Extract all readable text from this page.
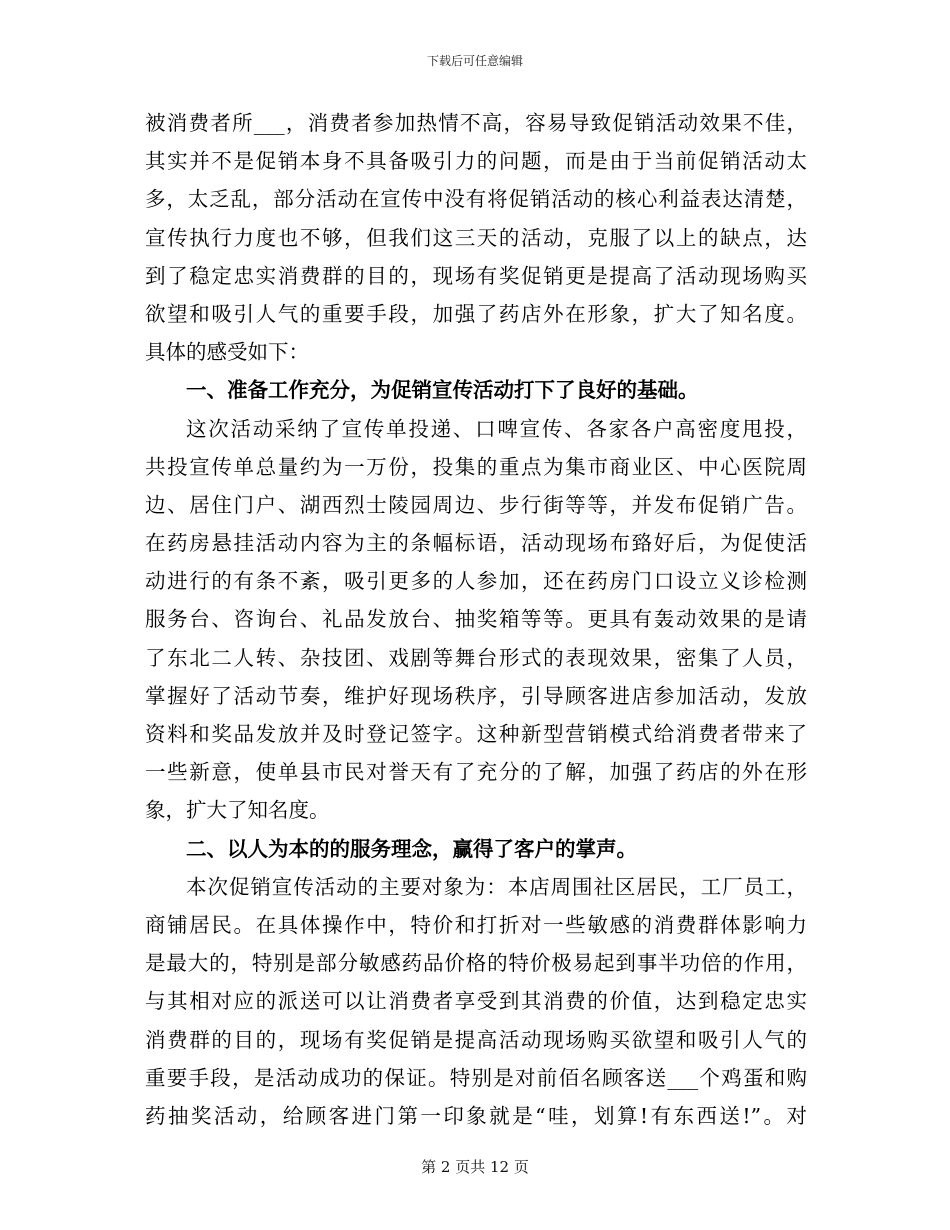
下载后可任意编辑
被消费者所___，消费者参加热情不高，容易导致促销活动效果不佳，
其实并不是促销本身不具备吸引力的问题，而是由于当前促销活动太
多，太乏乱，部分活动在宣传中没有将促销活动的核心利益表达清楚，
宣传执行力度也不够，但我们这三天的活动，克服了以上的缺点，达
到了稳定忠实消费群的目的，现场有奖促销更是提高了活动现场购买
欲望和吸引人气的重要手段，加强了药店外在形象，扩大了知名度。
具体的感受如下：
一、准备工作充分，为促销宣传活动打下了良好的基础。
这次活动采纳了宣传单投递、口啤宣传、各家各户高密度甩投，
共投宣传单总量约为一万份，投集的重点为集市商业区、中心医院周
边、居住门户、湖西烈士陵园周边、步行街等等，并发布促销广告。
在药房悬挂活动内容为主的条幅标语，活动现场布臵好后，为促使活
动进行的有条不紊，吸引更多的人参加，还在药房门口设立义诊检测
服务台、咨询台、礼品发放台、抽奖箱等等。更具有轰动效果的是请
了东北二人转、杂技团、戏剧等舞台形式的表现效果，密集了人员，
掌握好了活动节奏，维护好现场秩序，引导顾客进店参加活动，发放
资料和奖品发放并及时登记签字。这种新型营销模式给消费者带来了
一些新意，使单县市民对誉天有了充分的了解，加强了药店的外在形
象，扩大了知名度。
二、以人为本的的服务理念，赢得了客户的掌声。
本次促销宣传活动的主要对象为：本店周围社区居民，工厂员工，
商铺居民。在具体操作中，特价和打折对一些敏感的消费群体影响力
是最大的，特别是部分敏感药品价格的特价极易起到事半功倍的作用，
与其相对应的派送可以让消费者享受到其消费的价值，达到稳定忠实
消费群的目的，现场有奖促销是提高活动现场购买欲望和吸引人气的
重要手段，是活动成功的保证。特别是对前佰名顾客送___个鸡蛋和购
药抽奖活动，给顾客进门第一印象就是“哇，划算!有东西送!”。对
第 2 页共 12 页
